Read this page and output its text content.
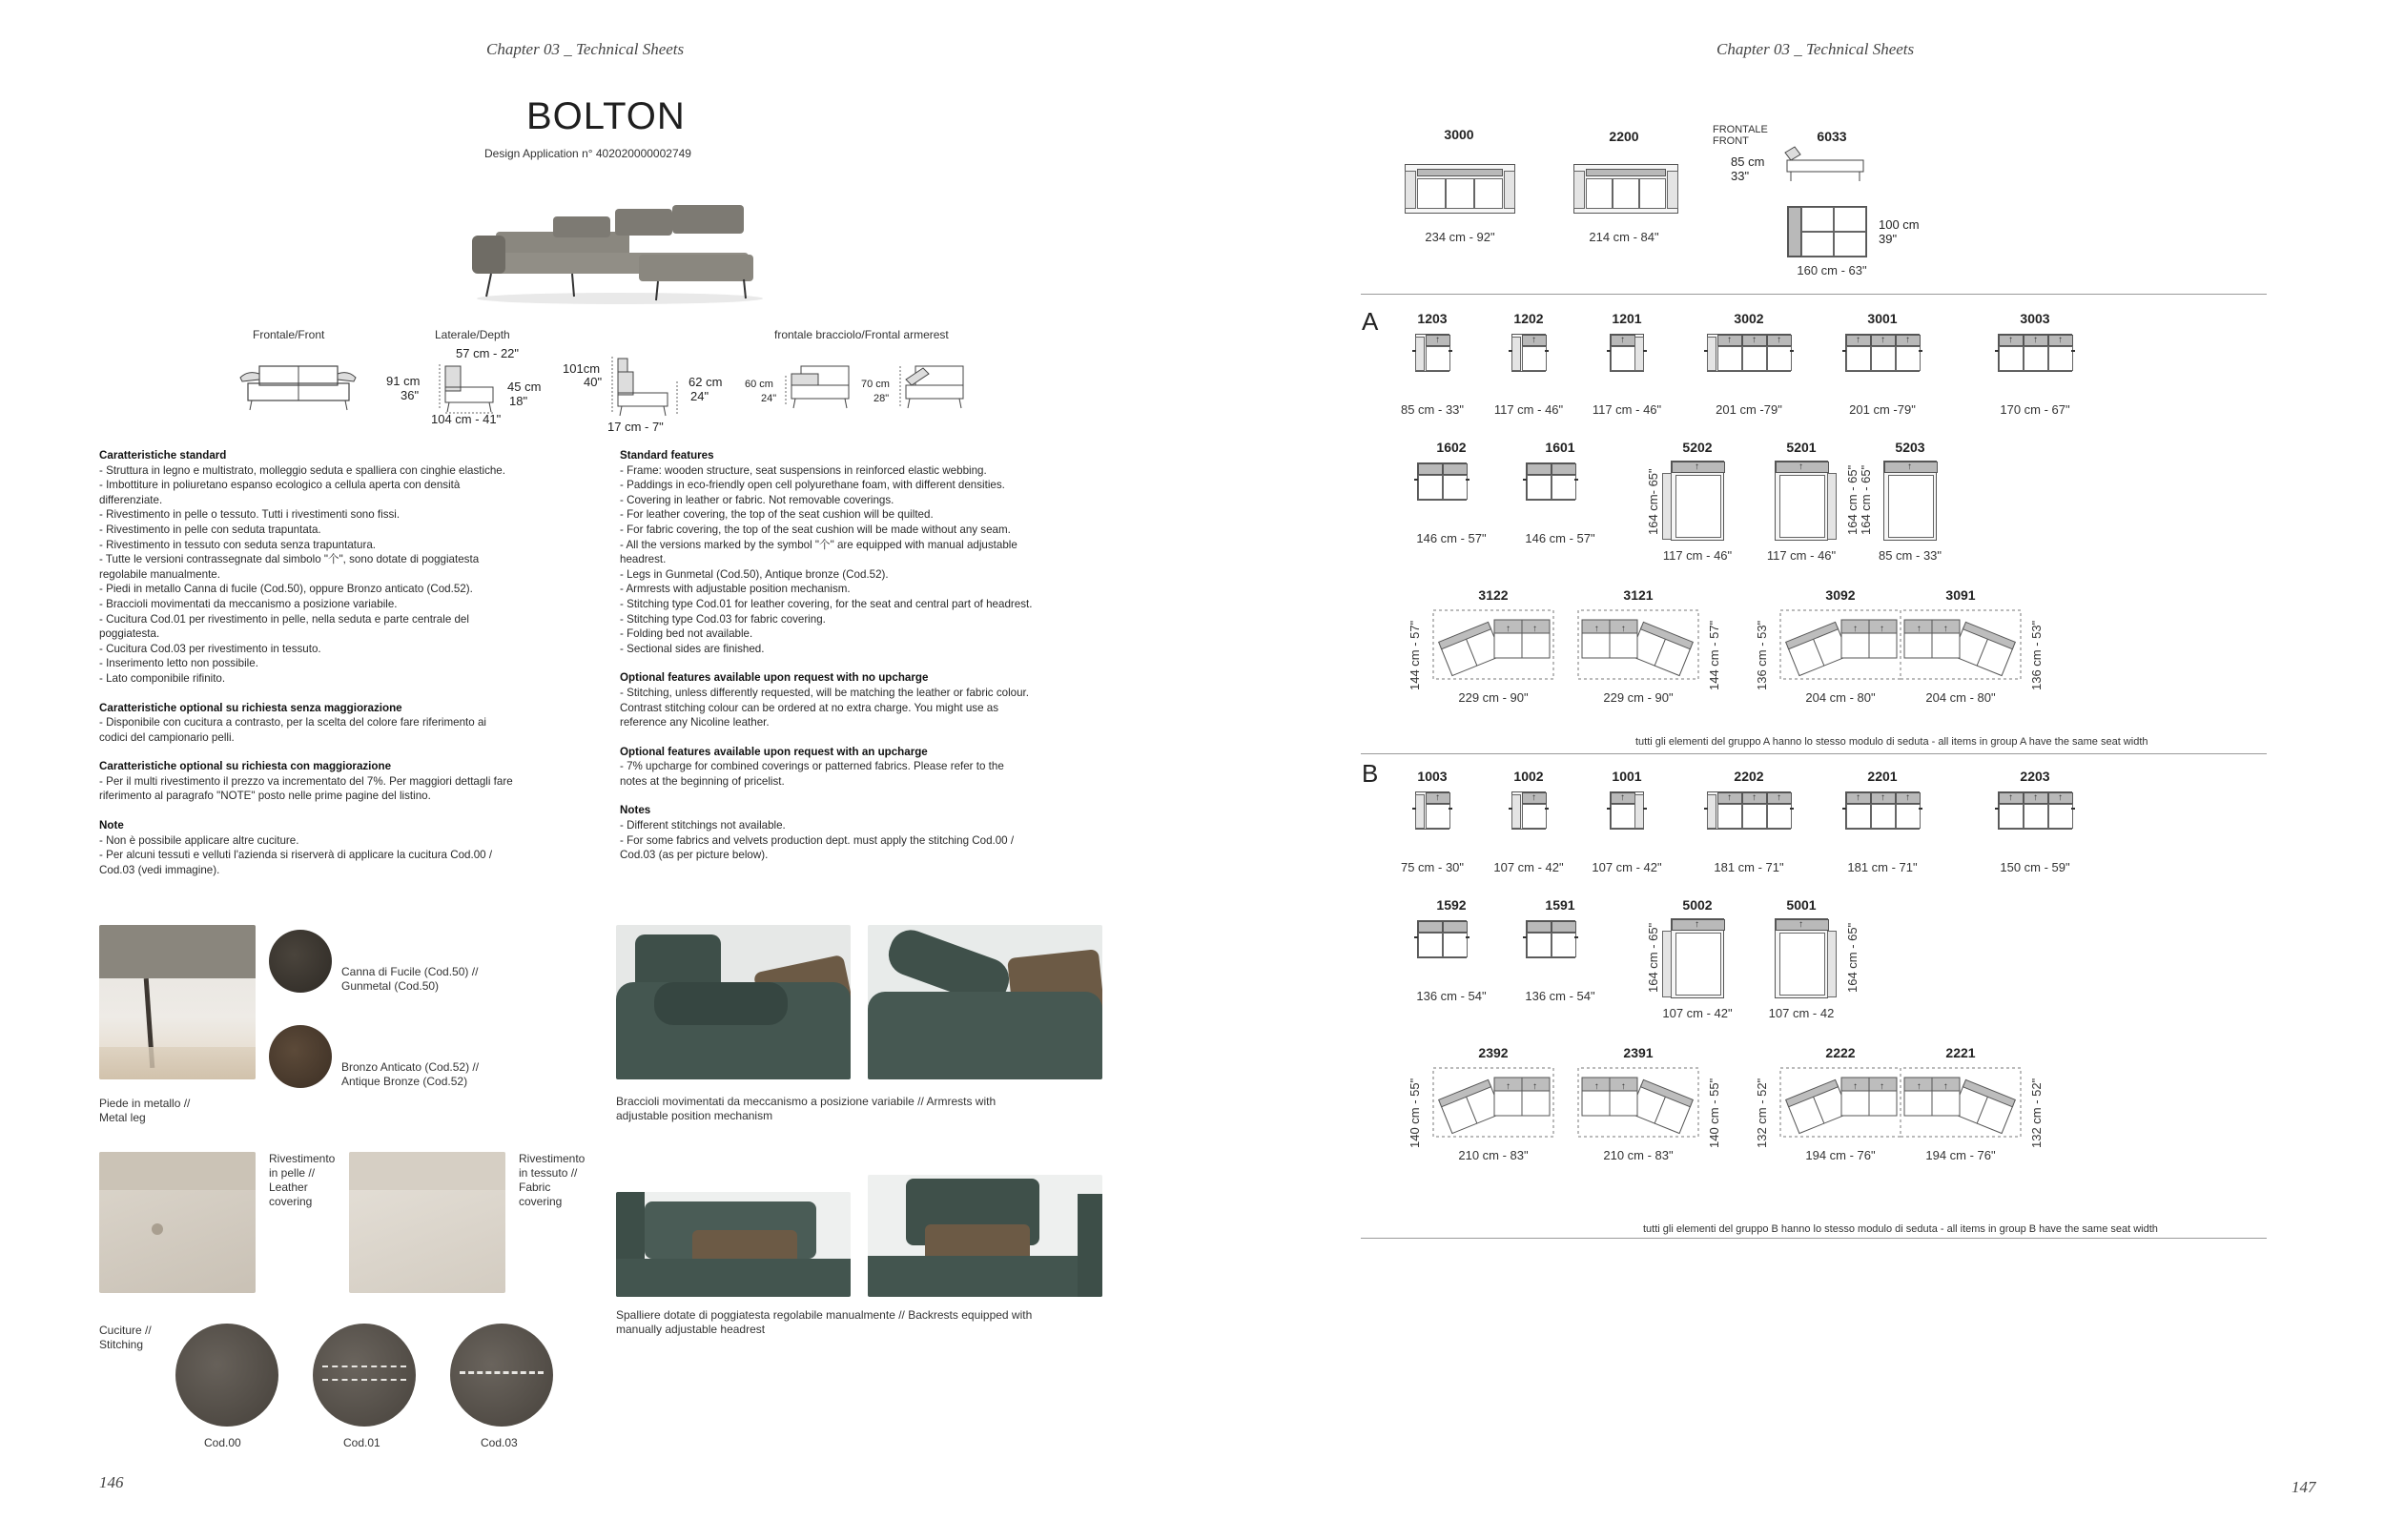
Chapter 03 _ Technical Sheets
BOLTON
Design Application n° 402020000002749
Frontale/Front	Laterale/Depth	frontale bracciolo/Frontal armerest
57 cm - 22"
91 cm
36"
45 cm
18"
104 cm - 41"
101cm
40"	62 cm
24"
17 cm - 7"
60 cm
24"
70 cm
28"
Caratteristiche standard
- Struttura in legno e multistrato, molleggio seduta e spalliera con cinghie elastiche.
- Imbottiture in poliuretano espanso ecologico a cellula aperta con densità
differenziate.
- Rivestimento in pelle o tessuto. Tutti i rivestimenti sono fissi.
- Rivestimento in pelle con seduta trapuntata.
- Rivestimento in tessuto con seduta senza trapuntatura.
- Tutte le versioni contrassegnate dal simbolo "个", sono dotate di poggiatesta
regolabile manualmente.
- Piedi in metallo Canna di fucile (Cod.50), oppure Bronzo anticato (Cod.52).
- Braccioli movimentati da meccanismo a posizione variabile.
- Cucitura Cod.01 per rivestimento in pelle, nella seduta e parte centrale del
poggiatesta.
- Cucitura Cod.03 per rivestimento in tessuto.
- Inserimento letto non possibile.
- Lato componibile rifinito.
Caratteristiche optional su richiesta senza maggiorazione
- Disponibile con cucitura a contrasto, per la scelta del colore fare riferimento ai
codici del campionario pelli.
Caratteristiche optional su richiesta con maggiorazione
- Per il multi rivestimento il prezzo va incrementato del 7%. Per maggiori dettagli fare
riferimento al paragrafo "NOTE" posto nelle prime pagine del listino.
Note
- Non è possibile applicare altre cuciture.
- Per alcuni tessuti e velluti l'azienda si riserverà di applicare la cucitura Cod.00 /
Cod.03 (vedi immagine).
Standard features
- Frame: wooden structure, seat suspensions in reinforced elastic webbing.
- Paddings in eco-friendly open cell polyurethane foam, with different densities.
- Covering in leather or fabric. Not removable coverings.
- For leather covering, the top of the seat cushion will be quilted.
- For fabric covering, the top of the seat cushion will be made without any seam.
- All the versions marked by the symbol "个" are equipped with manual adjustable
headrest.
- Legs in Gunmetal (Cod.50), Antique bronze (Cod.52).
- Armrests with adjustable position mechanism.
- Stitching type Cod.01 for leather covering, for the seat and central part of headrest.
- Stitching type Cod.03 for fabric covering.
- Folding bed not available.
- Sectional sides are finished.
Optional features available upon request with no upcharge
- Stitching, unless differently requested, will be matching the leather or fabric colour.
Contrast stitching colour can be ordered at no extra charge. You might use as
reference any Nicoline leather.
Optional features available upon request with an upcharge
- 7% upcharge for combined coverings or patterned fabrics. Please refer to the
notes at the beginning of pricelist.
Notes
- Different stitchings not available.
- For some fabrics and velvets production dept. must apply the stitching Cod.00 /
Cod.03 (as per picture below).
Canna di Fucile (Cod.50) //
Gunmetal (Cod.50)
Bronzo Anticato (Cod.52) //
Antique Bronze (Cod.52)
Piede in metallo //
Metal leg
Braccioli movimentati da meccanismo a posizione variabile // Armrests with
adjustable position mechanism
Rivestimento
in pelle //
Leather
covering
Rivestimento
in tessuto //
Fabric
covering
Spalliere dotate di poggiatesta regolabile manualmente // Backrests equipped with
manually adjustable headrest
Cuciture //
Stitching
Cod.00	Cod.01	Cod.03
146
Chapter 03 _ Technical Sheets
3000
234 cm - 92"
2200
214 cm - 84"
FRONTALE
FRONT	6033
85 cm
33"
100 cm
39"
160 cm - 63"
A	1203
↑
85 cm - 33"
1202
↑
117 cm - 46"
1201
↑
117 cm - 46"
3002
↑ ↑ ↑
201 cm -79"
3001
↑ ↑ ↑
201 cm -79"
3003
↑ ↑ ↑
170 cm - 67"
1602
146 cm - 57"
1601
146 cm - 57"
5202
↑
117 cm - 46"
164 cm- 65"
5201
↑
117 cm - 46"
164 cm - 65"
5203
↑
85 cm - 33"
164 cm - 65"
3122
↑ ↑
229 cm - 90"
144 cm - 57"
3121
↑
↑
229 cm - 90"
144 cm - 57"
3092
↑ ↑
204 cm - 80"
136 cm - 53"
3091
↑
↑
204 cm - 80"
136 cm - 53"
tutti gli elementi del gruppo A hanno lo stesso modulo di seduta - all items in group A have the same seat width
B	1003
↑
75 cm - 30"
1002
↑
107 cm - 42"
1001
↑
107 cm - 42"
2202
↑ ↑ ↑
181 cm - 71"
2201
↑ ↑ ↑
181 cm - 71"
2203
↑ ↑ ↑
150 cm - 59"
1592
136 cm - 54"
1591
136 cm - 54"
5002
↑
107 cm - 42"
164 cm - 65"
5001
↑
107 cm - 42
164 cm - 65"
2392
↑ ↑
210 cm - 83"
140 cm - 55"
2391
↑
↑
210 cm - 83"
140 cm - 55"
2222
↑ ↑
194 cm - 76"
132 cm - 52"
2221
↑
↑
194 cm - 76"
132 cm - 52"
tutti gli elementi del gruppo B hanno lo stesso modulo di seduta - all items in group B have the same seat width
147
